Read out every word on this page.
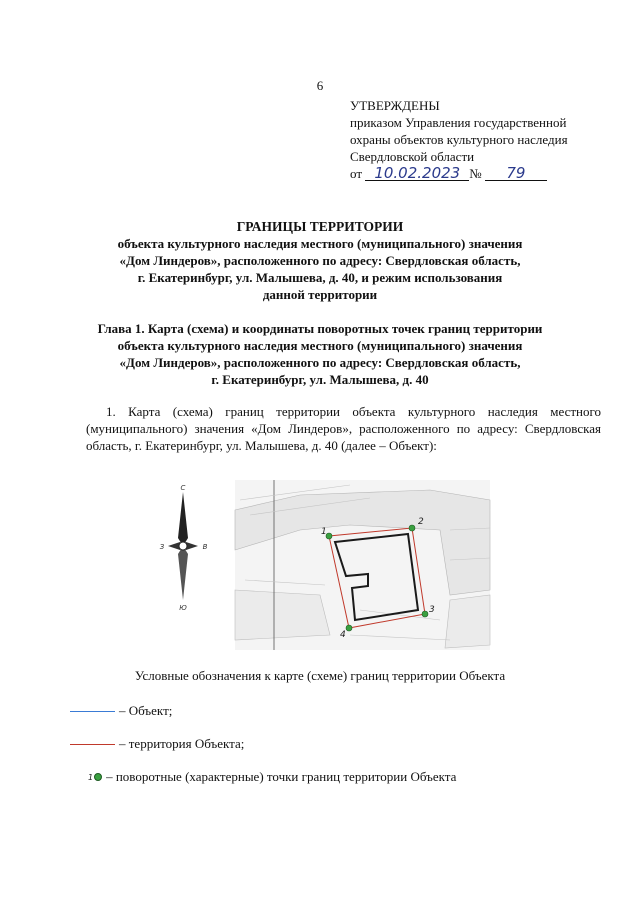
6
УТВЕРЖДЕНЫ
приказом Управления государственной
охраны объектов культурного наследия
Свердловской области
от 10.02.2023 № 79
ГРАНИЦЫ ТЕРРИТОРИИ
объекта культурного наследия местного (муниципального) значения
«Дом Линдеров», расположенного по адресу: Свердловская область,
г. Екатеринбург, ул. Малышева, д. 40, и режим использования
данной территории
Глава 1. Карта (схема) и координаты поворотных точек границ территории
объекта культурного наследия местного (муниципального) значения
«Дом Линдеров», расположенного по адресу: Свердловская область,
г. Екатеринбург, ул. Малышева, д. 40
1. Карта (схема) границ территории объекта культурного наследия местного (муниципального) значения «Дом Линдеров», расположенного по адресу: Свердловская область, г. Екатеринбург, ул. Малышева, д. 40 (далее – Объект):
С
Ю
З	В
1
2
3
4
Условные обозначения к карте (схеме) границ территории Объекта
– Объект;
– территория Объекта;
1 – поворотные (характерные) точки границ территории Объекта
